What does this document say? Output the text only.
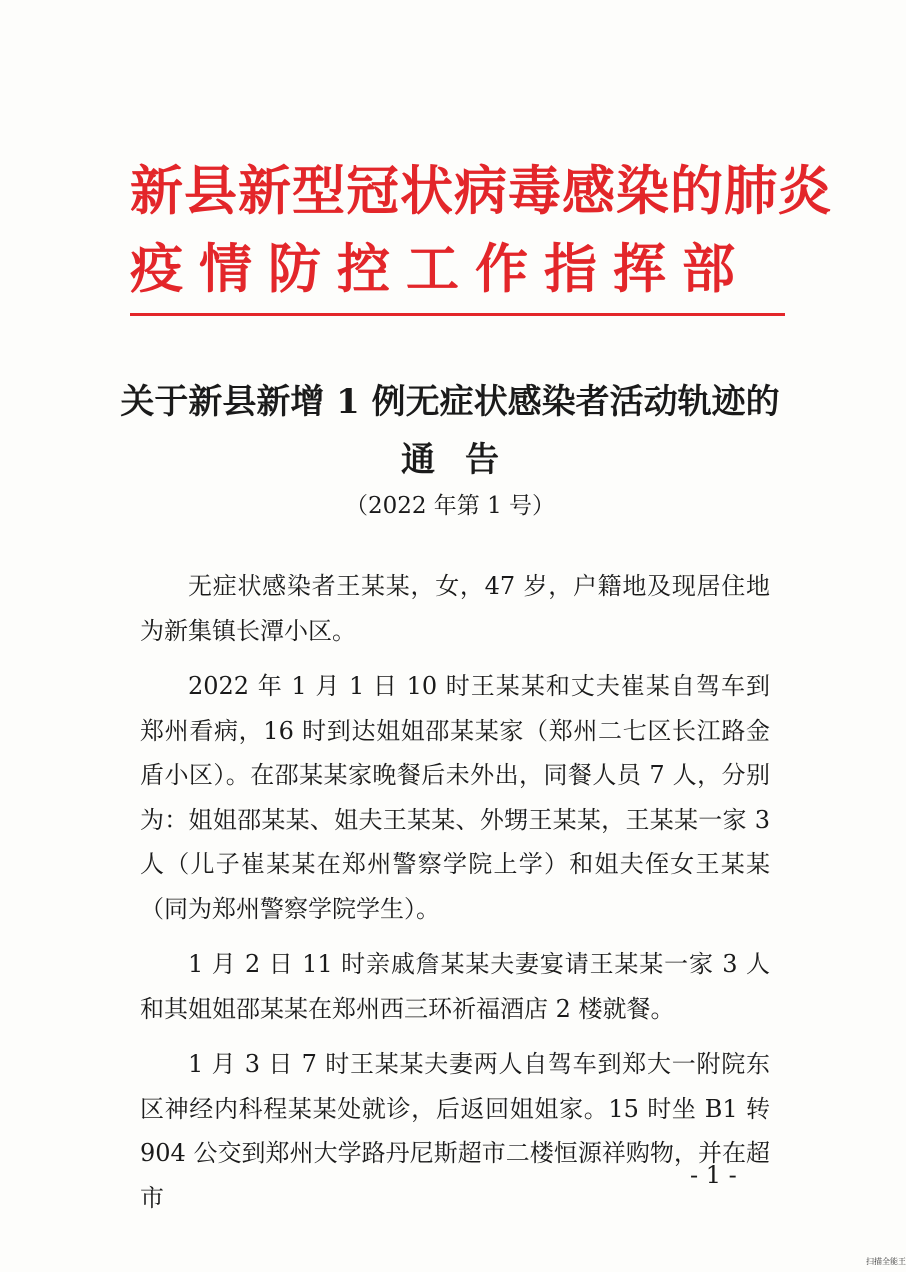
新县新型冠状病毒感染的肺炎
疫情防控工作指挥部
关于新县新增 1 例无症状感染者活动轨迹的
通告
（2022 年第 1 号）

无症状感染者王某某，女，47 岁，户籍地及现居住地为新集镇长潭小区。

2022 年 1 月 1 日 10 时王某某和丈夫崔某自驾车到郑州看病，16 时到达姐姐邵某某家（郑州二七区长江路金盾小区）。在邵某某家晚餐后未外出，同餐人员 7 人，分别为：姐姐邵某某、姐夫王某某、外甥王某某，王某某一家 3 人（儿子崔某某在郑州警察学院上学）和姐夫侄女王某某（同为郑州警察学院学生）。

1 月 2 日 11 时亲戚詹某某夫妻宴请王某某一家 3 人和其姐姐邵某某在郑州西三环祈福酒店 2 楼就餐。

1 月 3 日 7 时王某某夫妻两人自驾车到郑大一附院东区神经内科程某某处就诊，后返回姐姐家。15 时坐 B1 转 904 公交到郑州大学路丹尼斯超市二楼恒源祥购物，并在超市

- 1 -
扫描全能王
